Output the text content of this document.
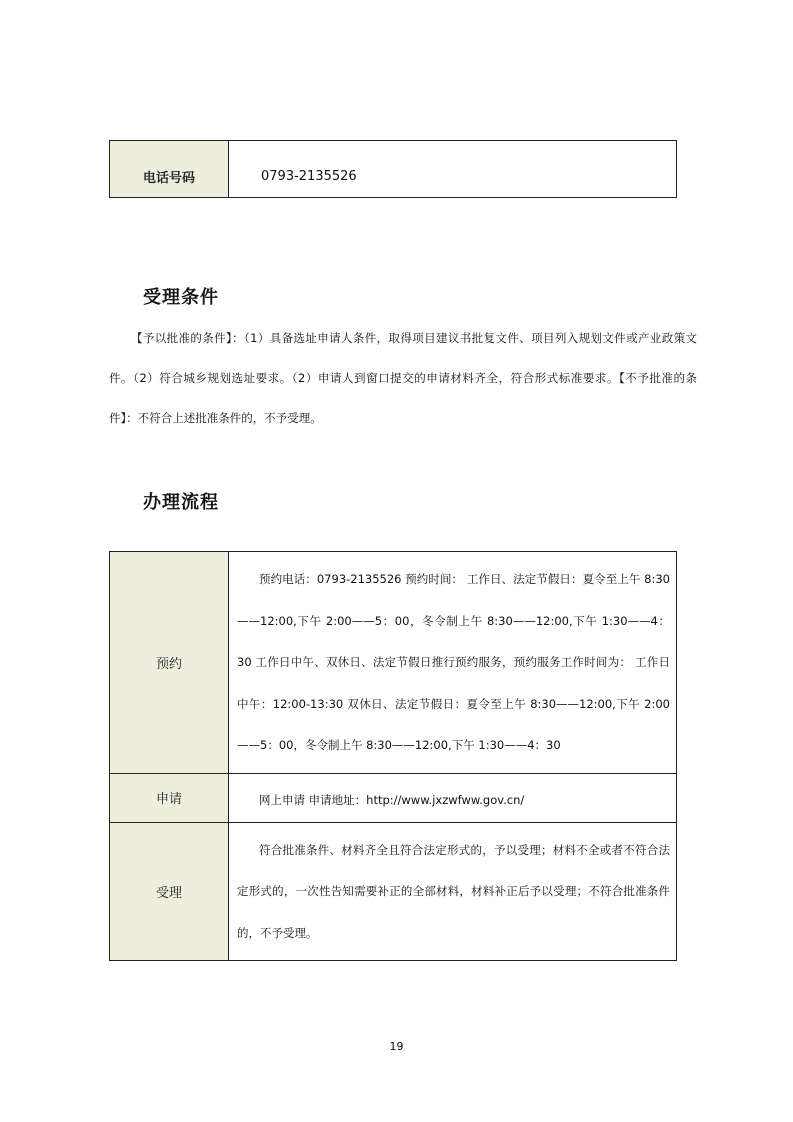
电话号码	0793-2135526
受理条件
【予以批准的条件】：（1）具备选址申请人条件，取得项目建议书批复文件、项目列入规划文件或产业政策文件。（2）符合城乡规划选址要求。（2）申请人到窗口提交的申请材料齐全，符合形式标准要求。【不予批准的条件】：不符合上述批准条件的，不予受理。
办理流程
预约	预约电话：0793-2135526 预约时间： 工作日、法定节假日：夏令至上午 8:30——12:00,下午 2:00——5：00，冬令制上午 8:30——12:00,下午 1:30——4：30 工作日中午、双休日、法定节假日推行预约服务，预约服务工作时间为： 工作日中午：12:00-13:30 双休日、法定节假日：夏令至上午 8:30——12:00,下午 2:00——5：00，冬令制上午 8:30——12:00,下午 1:30——4：30
申请	网上申请 申请地址：http://www.jxzwfww.gov.cn/
受理	符合批准条件、材料齐全且符合法定形式的，予以受理；材料不全或者不符合法定形式的，一次性告知需要补正的全部材料，材料补正后予以受理；不符合批准条件的，不予受理。
19
